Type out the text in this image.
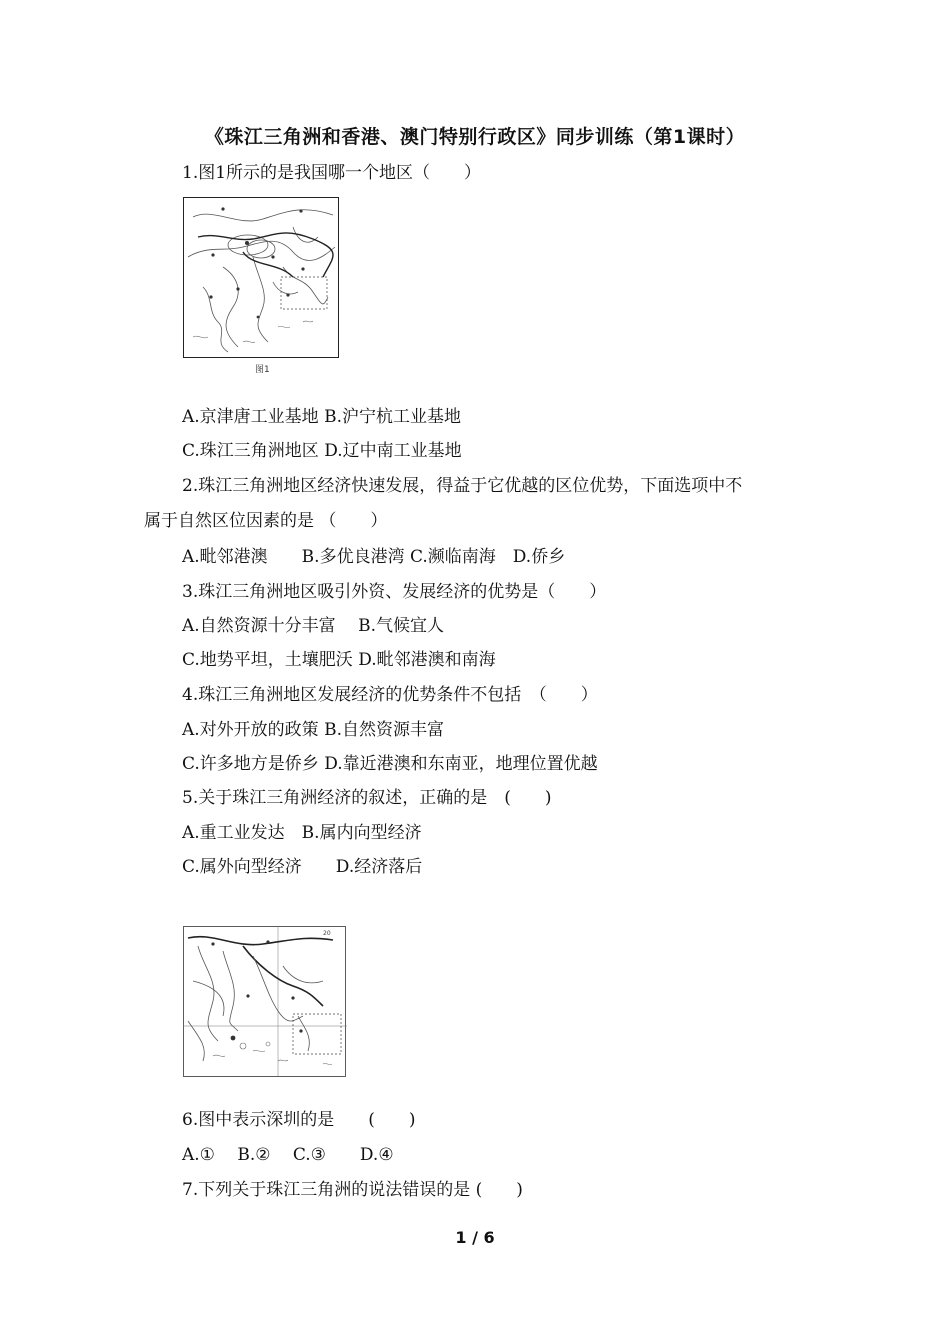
《珠江三角洲和香港、澳门特别行政区》同步训练（第1课时）
1.图1所示的是我国哪一个地区（　　）
图1
A.京津唐工业基地 B.沪宁杭工业基地
C.珠江三角洲地区 D.辽中南工业基地
2.珠江三角洲地区经济快速发展，得益于它优越的区位优势，下面选项中不
属于自然区位因素的是 （　　）
A.毗邻港澳　　B.多优良港湾 C.濒临南海　D.侨乡
3.珠江三角洲地区吸引外资、发展经济的优势是（　　）
A.自然资源十分丰富　 B.气候宜人
C.地势平坦，土壤肥沃 D.毗邻港澳和南海
4.珠江三角洲地区发展经济的优势条件不包括　（　　）
A.对外开放的政策 B.自然资源丰富
C.许多地方是侨乡 D.靠近港澳和东南亚，地理位置优越
5.关于珠江三角洲经济的叙述，正确的是　(　　)
A.重工业发达　B.属内向型经济
C.属外向型经济　　D.经济落后
20
6.图中表示深圳的是　　(　　)
A.①　 B.②　 C.③　　D.④
7.下列关于珠江三角洲的说法错误的是 (　　)
1 / 6
